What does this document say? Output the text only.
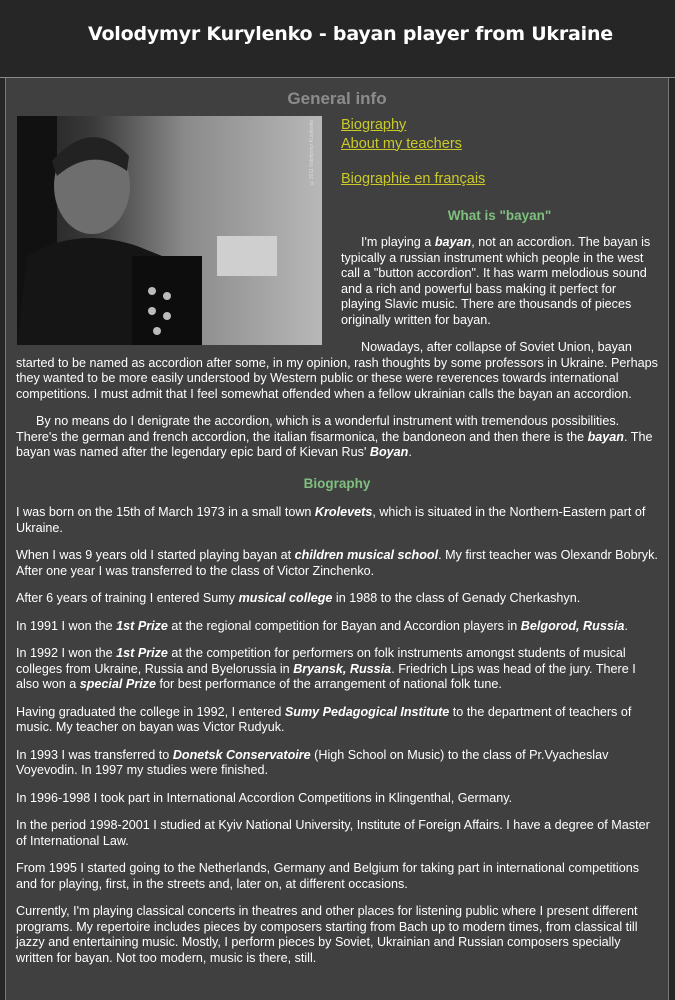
Volodymyr Kurylenko - bayan player from Ukraine
General info
©2011 Volodymyr Kurylenko	Biography
About my teachers
Biographie en français
What is "bayan"

I'm playing a bayan, not an accordion. The bayan is typically a russian instrument which people in the west call a "button accordion". It has warm melodious sound and a rich and powerful bass making it perfect for playing Slavic music. There are thousands of pieces originally written for bayan.

Nowadays, after collapse of Soviet Union, bayan started to be named as accordion after some, in my opinion, rash thoughts by some professors in Ukraine. Perhaps they wanted to be more easily understood by Western public or these were reverences towards international competitions. I must admit that I feel somewhat offended when a fellow ukrainian calls the bayan an accordion.

By no means do I denigrate the accordion, which is a wonderful instrument with tremendous possibilities. There's the german and french accordion, the italian fisarmonica, the bandoneon and then there is the bayan. The bayan was named after the legendary epic bard of Kievan Rus' Boyan.

Biography

I was born on the 15th of March 1973 in a small town Krolevets, which is situated in the Northern-Eastern part of Ukraine.

When I was 9 years old I started playing bayan at children musical school. My first teacher was Olexandr Bobryk. After one year I was transferred to the class of Victor Zinchenko.

After 6 years of training I entered Sumy musical college in 1988 to the class of Genady Cherkashyn.

In 1991 I won the 1st Prize at the regional competition for Bayan and Accordion players in Belgorod, Russia.

In 1992 I won the 1st Prize at the competition for performers on folk instruments amongst students of musical colleges from Ukraine, Russia and Byelorussia in Bryansk, Russia. Friedrich Lips was head of the jury. There I also won a special Prize for best performance of the arrangement of national folk tune.

Having graduated the college in 1992, I entered Sumy Pedagogical Institute to the department of teachers of music. My teacher on bayan was Victor Rudyuk.

In 1993 I was transferred to Donetsk Conservatoire (High School on Music) to the class of Pr.Vyacheslav Voyevodin. In 1997 my studies were finished.

In 1996-1998 I took part in International Accordion Competitions in Klingenthal, Germany.

In the period 1998-2001 I studied at Kyiv National University, Institute of Foreign Affairs. I have a degree of Master of International Law.

From 1995 I started going to the Netherlands, Germany and Belgium for taking part in international competitions and for playing, first, in the streets and, later on, at different occasions.

Currently, I'm playing classical concerts in theatres and other places for listening public where I present different programs. My repertoire includes pieces by composers starting from Bach up to modern times, from classical till jazzy and entertaining music. Mostly, I perform pieces by Soviet, Ukrainian and Russian composers specially written for bayan. Not too modern, music is there, still.
